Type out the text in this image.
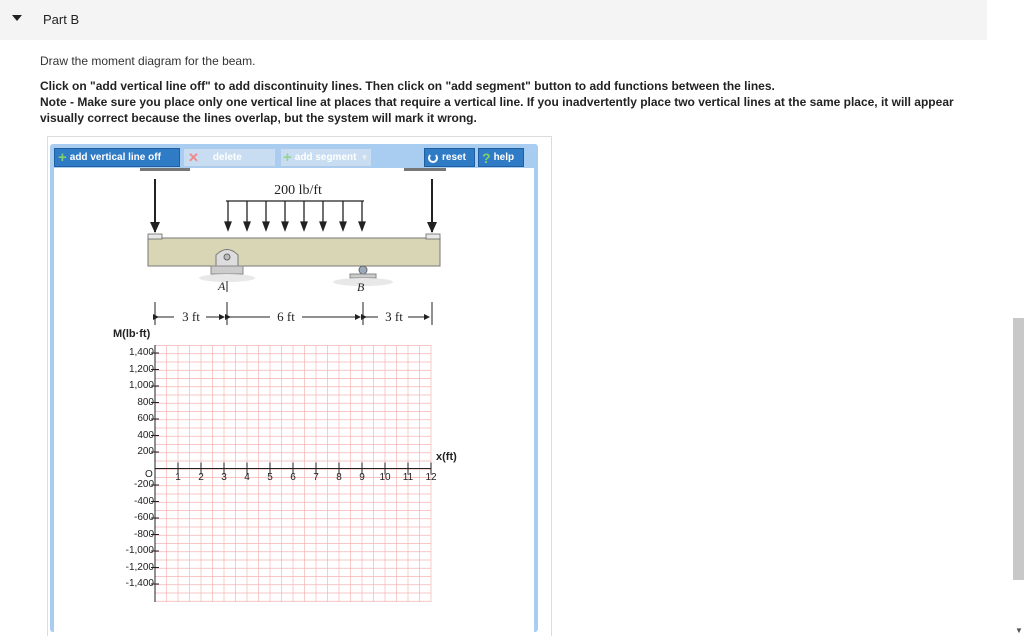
Part B
Draw the moment diagram for the beam.
Click on "add vertical line off" to add discontinuity lines. Then click on "add segment" button to add functions between the lines.
Note - Make sure you place only one vertical line at places that require a vertical line. If you inadvertently place two vertical lines at the same place, it will appear visually correct because the lines overlap, but the system will mark it wrong.
+ add vertical line off ✕ delete	+ add segment ▼	reset ? help
200 lb/ft
A	B
3 ft	6 ft	3 ft
M(lb·ft)
x(ft)
O
1,400
1,200
1,000
800
600
400
200
-200
-400
-600
-800
-1,000
-1,200
-1,400
1	2	3	4	5	6	7	8	9	10	11	12
▼
